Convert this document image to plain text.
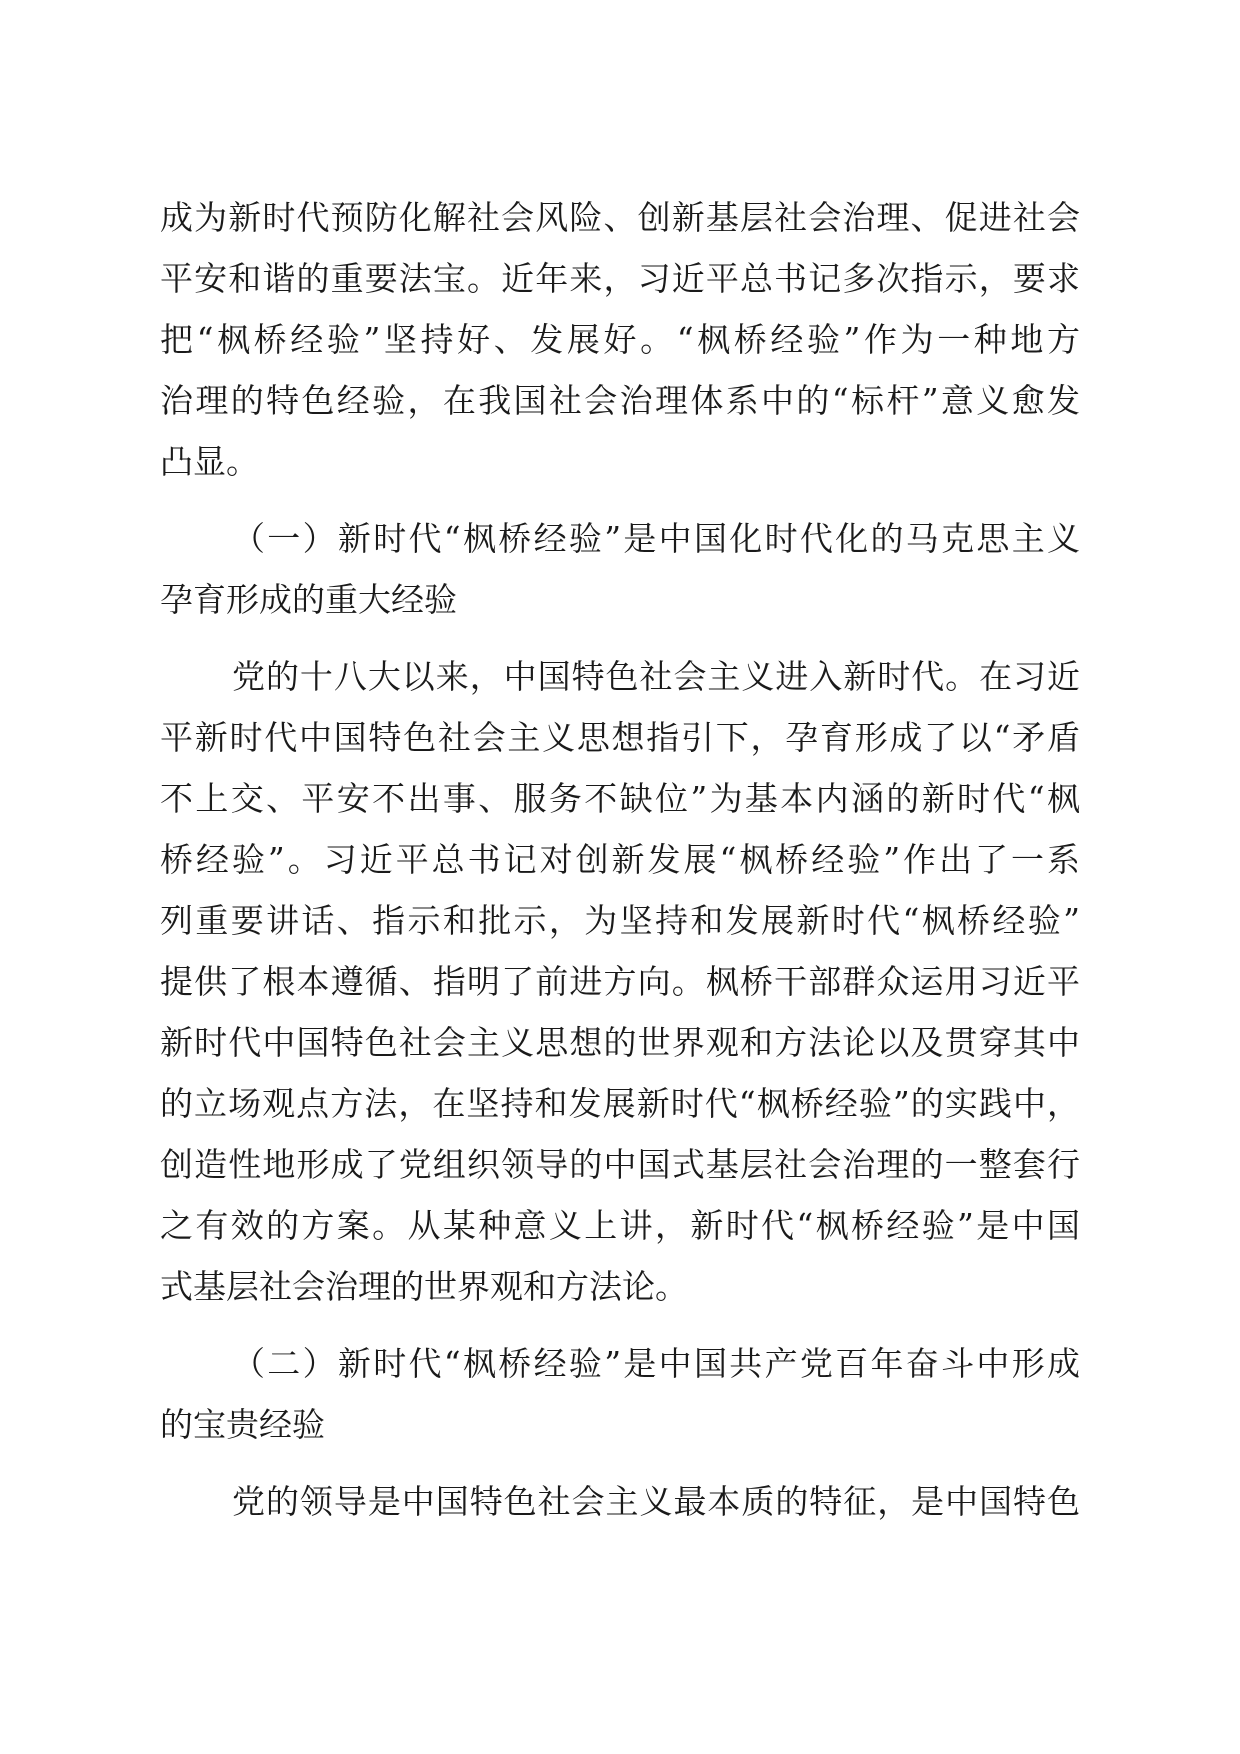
成为新时代预防化解社会风险、创新基层社会治理、促进社会
平安和谐的重要法宝。近年来，习近平总书记多次指示，要求
把“枫桥经验”坚持好、发展好。“枫桥经验”作为一种地方
治理的特色经验，在我国社会治理体系中的“标杆”意义愈发
凸显。
（一）新时代“枫桥经验”是中国化时代化的马克思主义
孕育形成的重大经验
党的十八大以来，中国特色社会主义进入新时代。在习近
平新时代中国特色社会主义思想指引下，孕育形成了以“矛盾
不上交、平安不出事、服务不缺位”为基本内涵的新时代“枫
桥经验”。习近平总书记对创新发展“枫桥经验”作出了一系
列重要讲话、指示和批示，为坚持和发展新时代“枫桥经验”
提供了根本遵循、指明了前进方向。枫桥干部群众运用习近平
新时代中国特色社会主义思想的世界观和方法论以及贯穿其中
的立场观点方法，在坚持和发展新时代“枫桥经验”的实践中，
创造性地形成了党组织领导的中国式基层社会治理的一整套行
之有效的方案。从某种意义上讲，新时代“枫桥经验”是中国
式基层社会治理的世界观和方法论。
（二）新时代“枫桥经验”是中国共产党百年奋斗中形成
的宝贵经验
党的领导是中国特色社会主义最本质的特征，是中国特色
